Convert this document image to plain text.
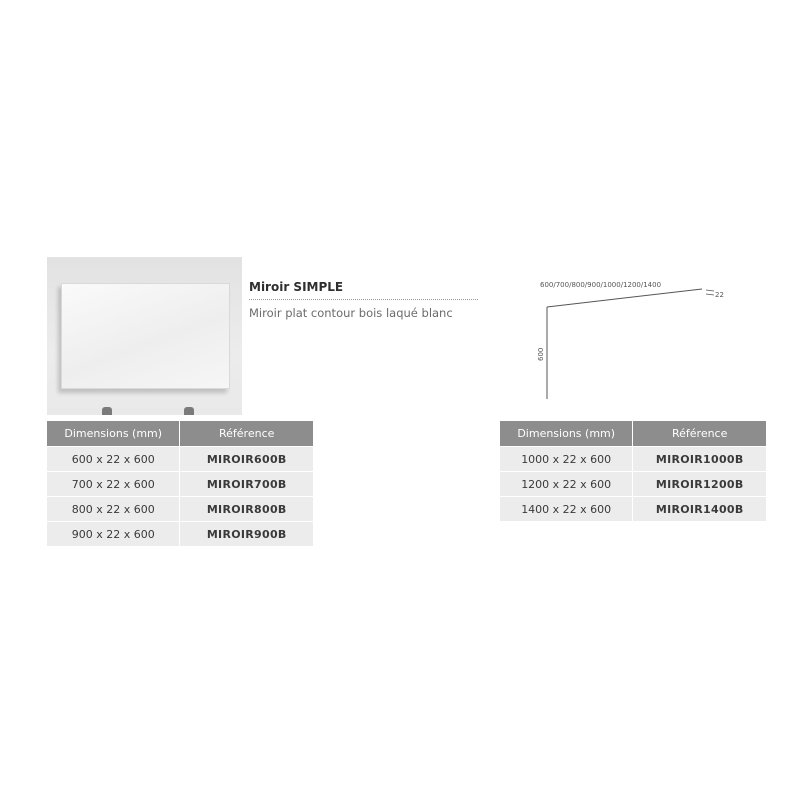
Miroir SIMPLE
Miroir plat contour bois laqué blanc
600/700/800/900/1000/1200/1400
22
600
Dimensions (mm)	Référence
600 x 22 x 600	MIROIR600B
700 x 22 x 600	MIROIR700B
800 x 22 x 600	MIROIR800B
900 x 22 x 600	MIROIR900B
Dimensions (mm)	Référence
1000 x 22 x 600	MIROIR1000B
1200 x 22 x 600	MIROIR1200B
1400 x 22 x 600	MIROIR1400B
